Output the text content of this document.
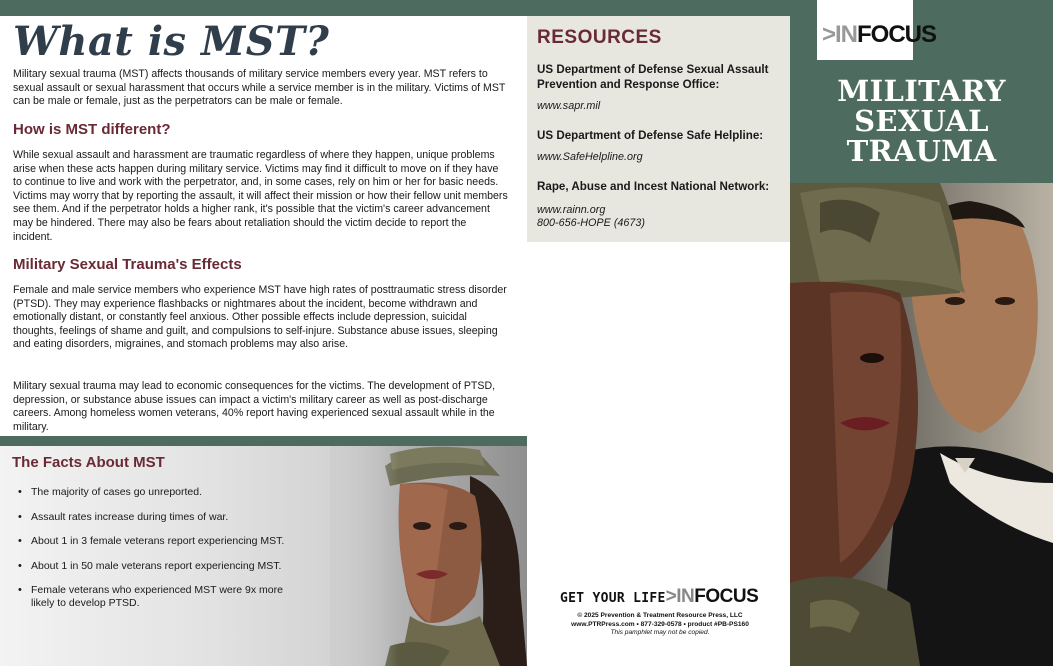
What is MST?

Military sexual trauma (MST) affects thousands of military service members every year. MST refers to sexual assault or sexual harassment that occurs while a service member is in the military. Victims of MST can be male or female, just as the perpetrators can be male or female.

How is MST different?

While sexual assault and harassment are traumatic regardless of where they happen, unique problems arise when these acts happen during military service. Victims may find it difficult to move on if they have to continue to live and work with the perpetrator, and, in some cases, rely on him or her for basic needs. Victims may worry that by reporting the assault, it will affect their mission or how their fellow unit members see them. And if the perpetrator holds a higher rank, it's possible that the victim's career advancement may be hindered. There may also be fears about retaliation should the victim decide to report the incident.

Military Sexual Trauma's Effects

Female and male service members who experience MST have high rates of posttraumatic stress disorder (PTSD). They may experience flashbacks or nightmares about the incident, become withdrawn and emotionally distant, or constantly feel anxious. Other possible effects include depression, suicidal thoughts, feelings of shame and guilt, and compulsions to self-injure. Substance abuse issues, sleeping and eating disorders, migraines, and stomach problems may also arise.

Military sexual trauma may lead to economic consequences for the victims. The development of PTSD, depression, or substance abuse issues can impact a victim's military career as well as post-discharge careers. Among homeless women veterans, 40% report having experienced sexual assault while in the military.

The Facts About MST
• The majority of cases go unreported.
• Assault rates increase during times of war.
• About 1 in 3 female veterans report experiencing MST.
• About 1 in 50 male veterans report experiencing MST.
• Female veterans who experienced MST were 9x more likely to develop PTSD.
RESOURCES
US Department of Defense Sexual Assault Prevention and Response Office:
www.sapr.mil
US Department of Defense Safe Helpline:
www.SafeHelpline.org
Rape, Abuse and Incest National Network:
www.rainn.org
800-656-HOPE (4673)
GET YOUR LIFE>INFOCUS
© 2025 Prevention & Treatment Resource Press, LLC
www.PTRPress.com • 877-329-0578 • product #PB-PS160
This pamphlet may not be copied.
>INFOCUS
MILITARY
SEXUAL
TRAUMA
